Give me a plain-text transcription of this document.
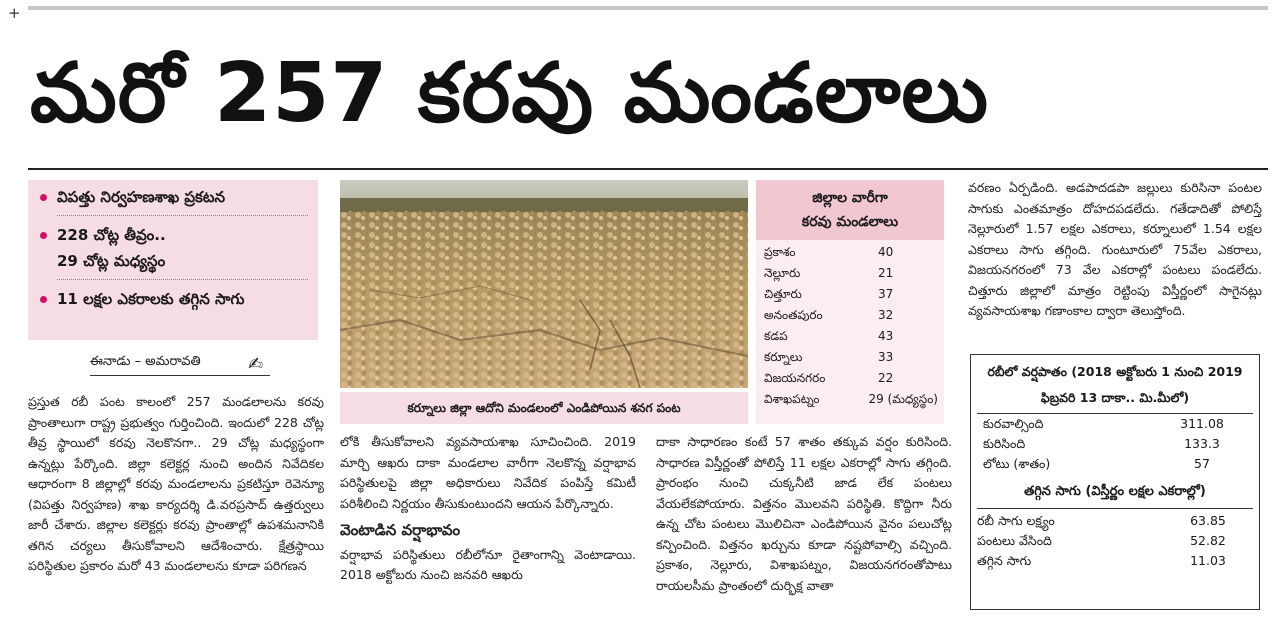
+
మరో 257 కరవు మండలాలు
విపత్తు నిర్వహణశాఖ ప్రకటన
228 చోట్ల తీవ్రం..
29 చోట్ల మధ్యస్థం
11 లక్షల ఎకరాలకు తగ్గిన సాగు
ఈనాడు – అమరావతి	✍
కర్నూలు జిల్లా ఆదోని మండలంలో ఎండిపోయిన శనగ పంట
జిల్లాల వారీగా
కరవు మండలాలు
ప్రకాశం	40
నెల్లూరు	21
చిత్తూరు	37
అనంతపురం	32
కడప	43
కర్నూలు	33
విజయనగరం	22
విశాఖపట్నం	29 (మధ్యస్థం)
ప్రస్తుత రబీ పంట కాలంలో 257 మండలాలను కరవు ప్రాంతాలుగా రాష్ట్ర ప్రభుత్వం గుర్తించింది. ఇందులో 228 చోట్ల తీవ్ర స్థాయిలో కరవు నెలకొనగా.. 29 చోట్ల మధ్యస్థంగా ఉన్నట్లు పేర్కొంది. జిల్లా కలెక్టర్ల నుంచి అందిన నివేదికల ఆధారంగా 8 జిల్లాల్లో కరవు మండలాలను ప్రకటిస్తూ రెవెన్యూ (విపత్తు నిర్వహణ) శాఖ కార్యదర్శి డి.వరప్రసాద్ ఉత్తర్వులు జారీ చేశారు. జిల్లాల కలెక్టర్లు కరవు ప్రాంతాల్లో ఉపశమనానికి తగిన చర్యలు తీసుకోవాలని ఆదేశించారు. క్షేత్రస్థాయి పరిస్థితుల ప్రకారం మరో 43 మండలాలను కూడా పరిగణన
లోకి తీసుకోవాలని వ్యవసాయశాఖ సూచించింది. 2019 మార్చి ఆఖరు దాకా మండలాల వారీగా నెలకొన్న వర్షాభావ పరిస్థితులపై జిల్లా అధికారులు నివేదిక పంపిస్తే కమిటీ పరిశీలించి నిర్ణయం తీసుకుంటుందని ఆయన పేర్కొన్నారు.
వెంటాడిన వర్షాభావం
వర్షాభావ పరిస్థితులు రబీలోనూ రైతాంగాన్ని వెంటాడాయి. 2018 అక్టోబరు నుంచి జనవరి ఆఖరు
దాకా సాధారణం కంటే 57 శాతం తక్కువ వర్షం కురిసింది. సాధారణ విస్తీర్ణంతో పోలిస్తే 11 లక్షల ఎకరాల్లో సాగు తగ్గింది. ప్రారంభం నుంచి చుక్కనీటి జాడ లేక పంటలు వేయలేకపోయారు. విత్తనం మొలవని పరిస్థితి. కొద్దిగా నీరు ఉన్న చోట పంటలు మొలిచినా ఎండిపోయిన వైనం పలుచోట్ల కన్పించింది. విత్తనం ఖర్చును కూడా నష్టపోవాల్సి వచ్చింది. ప్రకాశం, నెల్లూరు, విశాఖపట్నం, విజయనగరంతోపాటు రాయలసీమ ప్రాంతంలో దుర్భిక్ష వాతా
వరణం ఏర్పడింది. అడపాదడపా జల్లులు కురిసినా పంటల సాగుకు ఎంతమాత్రం దోహదపడలేదు. గతేడాదితో పోలిస్తే నెల్లూరులో 1.57 లక్షల ఎకరాలు, కర్నూలులో 1.54 లక్షల ఎకరాలు సాగు తగ్గింది. గుంటూరులో 75వేల ఎకరాలు, విజయనగరంలో 73 వేల ఎకరాల్లో పంటలు పండలేదు. చిత్తూరు జిల్లాలో మాత్రం రెట్టింపు విస్తీర్ణంలో సాగైనట్లు వ్యవసాయశాఖ గణాంకాల ద్వారా తెలుస్తోంది.
రబీలో వర్షపాతం (2018 అక్టోబరు 1 నుంచి 2019 ఫిబ్రవరి 13 దాకా.. మి.మీలో)
కురవాల్సింది	311.08
కురిసింది	133.3
లోటు (శాతం)	57
తగ్గిన సాగు (విస్తీర్ణం లక్షల ఎకరాల్లో)
రబీ సాగు లక్ష్యం	63.85
పంటలు వేసింది	52.82
తగ్గిన సాగు	11.03
